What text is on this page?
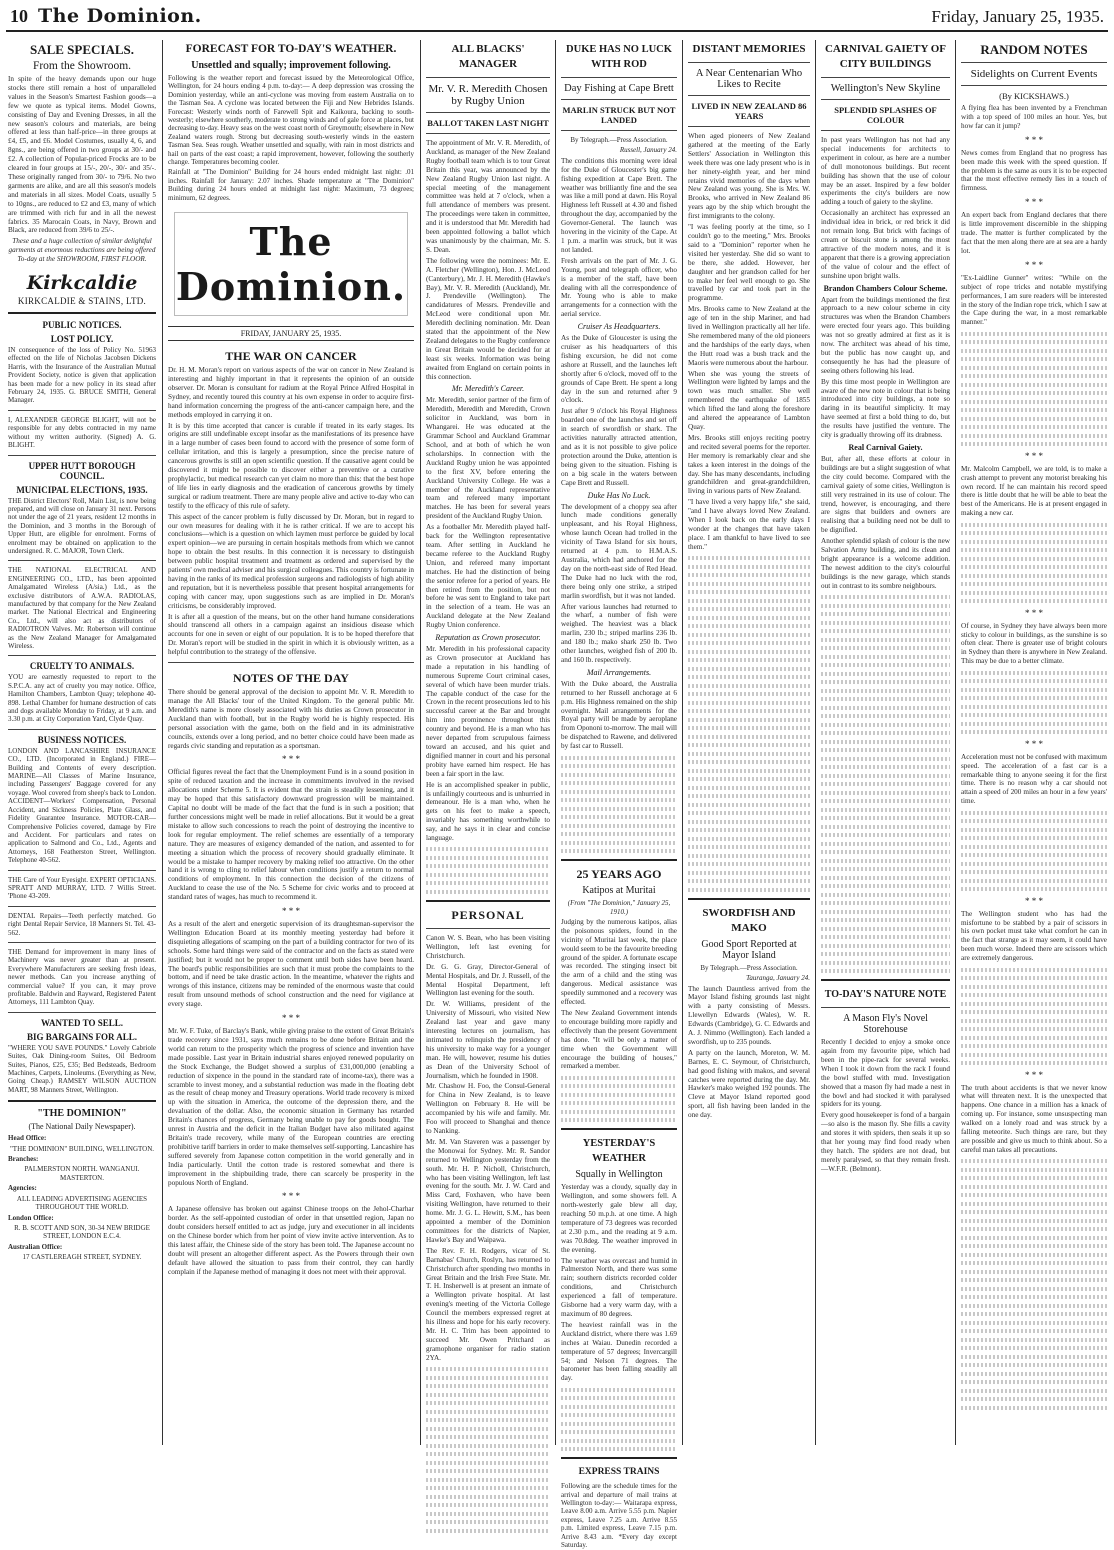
10 The Dominion.	Friday, January 25, 1935.
SALE SPECIALS.
From the Showroom.
In spite of the heavy demands upon our huge stocks there still remain a host of unparalleled values in the Season's Smartest Fashion goods—a few we quote as typical items. Model Gowns, consisting of Day and Evening Dresses, in all the new season's colours and materials, are being offered at less than half-price—in three groups at £4, £5, and £6. Model Costumes, usually 4, 6, and 8gns., are being offered in two groups at 30/- and £2. A collection of Popular-priced Frocks are to be cleared in four groups at 15/-, 20/-, 30/- and 35/-. These originally ranged from 30/- to 79/6. No two garments are alike, and are all this season's models and materials in all sizes. Model Coats, usually 5 to 10gns., are reduced to £2 and £3, many of which are trimmed with rich fur and in all the newest fabrics. 35 Marocain Coats, in Navy, Brown and Black, are reduced from 39/6 to 25/-.
These and a huge collection of similar delightful garments at enormous reductions are being offered To-day at the SHOWROOM, FIRST FLOOR.
Kirkcaldie
KIRKCALDIE & STAINS, LTD.
PUBLIC NOTICES.
LOST POLICY.
IN consequence of the loss of Policy No. 51963 effected on the life of Nicholas Jacobsen Dickens Harris, with the Insurance of the Australian Mutual Provident Society, notice is given that application has been made for a new policy in its stead after February 24, 1935. G. BRUCE SMITH, General Manager.
I, ALEXANDER GEORGE BLIGHT, will not be responsible for any debts contracted in my name without my written authority. (Signed) A. G. BLIGHT.
UPPER HUTT BOROUGH COUNCIL.
MUNICIPAL ELECTIONS, 1935.
THE District Electors' Roll, Main List, is now being prepared, and will close on January 31 next. Persons not under the age of 21 years, resident 12 months in the Dominion, and 3 months in the Borough of Upper Hutt, are eligible for enrolment. Forms of enrolment may be obtained on application to the undersigned. R. C. MAJOR, Town Clerk.
THE NATIONAL ELECTRICAL AND ENGINEERING CO., LTD., has been appointed Amalgamated Wireless (A/sia.) Ltd., as the exclusive distributors of A.W.A. RADIOLAS, manufactured by that company for the New Zealand market. The National Electrical and Engineering Co., Ltd., will also act as distributors of RADIOTRON Valves. Mr. Robertson will continue as the New Zealand Manager for Amalgamated Wireless.
CRUELTY TO ANIMALS.
YOU are earnestly requested to report to the S.P.C.A. any act of cruelty you may notice. Office, Hamilton Chambers, Lambton Quay; telephone 40-898. Lethal Chamber for humane destruction of cats and dogs available Monday to Friday, at 9 a.m. and 3.30 p.m. at City Corporation Yard, Clyde Quay.
BUSINESS NOTICES.
LONDON AND LANCASHIRE INSURANCE CO., LTD. (Incorporated in England.) FIRE—Building and Contents of every description. MARINE—All Classes of Marine Insurance, including Passengers' Baggage covered for any voyage. Wool covered from sheep's back to London. ACCIDENT—Workers' Compensation, Personal Accident, and Sickness Policies, Plate Glass, and Fidelity Guarantee Insurance. MOTOR-CAR—Comprehensive Policies covered, damage by Fire and Accident. For particulars and rates on application to Salmond and Co., Ltd., Agents and Attorneys, 168 Featherston Street, Wellington. Telephone 40-562.
THE Care of Your Eyesight. EXPERT OPTICIANS. SPRATT AND MURRAY, LTD. 7 Willis Street. 'Phone 43-209.
DENTAL Repairs—Teeth perfectly matched. Go right Dental Repair Service, 18 Manners St. Tel. 43-562.
THE Demand for improvement in many lines of Machinery was never greater than at present. Everywhere Manufacturers are seeking fresh ideas, newer methods. Can you increase anything of commercial value? If you can, it may prove profitable. Baldwin and Rayward, Registered Patent Attorneys, 111 Lambton Quay.
WANTED TO SELL.
BIG BARGAINS FOR ALL.
"WHERE YOU SAVE POUNDS." Lovely Cabriole Suites, Oak Dining-room Suites, Oil Bedroom Suites, Pianos, £25, £35; Bed Bedsteads, Bedroom Machines, Carpets, Linoleums. (Everything as New, Going Cheap.) RAMSEY WILSON AUCTION MART, 98 Manners Street, Wellington.
"THE DOMINION"
(The National Daily Newspaper).
Head Office:
"THE DOMINION" BUILDING, WELLINGTON.
Branches:
PALMERSTON NORTH. WANGANUI. MASTERTON.
Agencies:
ALL LEADING ADVERTISING AGENCIES THROUGHOUT THE WORLD.
London Office:
R. B. SCOTT AND SON, 30-34 NEW BRIDGE STREET, LONDON E.C.4.
Australian Office:
17 CASTLEREAGH STREET, SYDNEY.
FORECAST FOR TO-DAY'S WEATHER.
Unsettled and squally; improvement following.
Following is the weather report and forecast issued by the Meteorological Office, Wellington, for 24 hours ending 4 p.m. to-day:— A deep depression was crossing the Dominion yesterday, while an anti-cyclone was moving from eastern Australia on to the Tasman Sea. A cyclone was located between the Fiji and New Hebrides Islands. Forecast: Westerly winds north of Farewell Spit and Kaikoura, backing to south-westerly; elsewhere southerly, moderate to strong winds and of gale force at places, but decreasing to-day. Heavy seas on the west coast north of Greymouth; elsewhere in New Zealand waters rough. Strong but decreasing south-westerly winds in the eastern Tasman Sea. Seas rough. Weather unsettled and squally, with rain in most districts and hail on parts of the east coast; a rapid improvement, however, following the southerly change. Temperatures becoming cooler.
Rainfall at "The Dominion" Building for 24 hours ended midnight last night: .01 inches. Rainfall for January: 2.07 inches. Shade temperature at "The Dominion" Building during 24 hours ended at midnight last night: Maximum, 73 degrees; minimum, 62 degrees.
The Dominion.
FRIDAY, JANUARY 25, 1935.
THE WAR ON CANCER
Dr. H. M. Moran's report on various aspects of the war on cancer in New Zealand is interesting and highly important in that it represents the opinion of an outside observer. Dr. Moran is consultant for radium at the Royal Prince Alfred Hospital in Sydney, and recently toured this country at his own expense in order to acquire first-hand information concerning the progress of the anti-cancer campaign here, and the methods employed in carrying it on.
It is by this time accepted that cancer is curable if treated in its early stages. Its origins are still undefinable except insofar as the manifestations of its presence have in a large number of cases been found to accord with the presence of some form of cellular irritation, and this is largely a presumption, since the precise nature of cancerous growths is still an open scientific question. If the causative agent could be discovered it might be possible to discover either a preventive or a curative prophylactic, but medical research can yet claim no more than this: that the best hope of life lies in early diagnosis and the eradication of cancerous growths by timely surgical or radium treatment. There are many people alive and active to-day who can testify to the efficacy of this rule of safety.
This aspect of the cancer problem is fully discussed by Dr. Moran, but in regard to our own measures for dealing with it he is rather critical. If we are to accept his conclusions—which is a question on which laymen must perforce be guided by local expert opinion—we are pursuing in certain hospitals methods from which we cannot hope to obtain the best results. In this connection it is necessary to distinguish between public hospital treatment and treatment as ordered and supervised by the patients' own medical adviser and his surgical colleagues. This country is fortunate in having in the ranks of its medical profession surgeons and radiologists of high ability and reputation, but it is nevertheless possible that present hospital arrangements for coping with cancer may, upon suggestions such as are implied in Dr. Moran's criticisms, be considerably improved.
It is after all a question of the means, but on the other hand humane considerations should transcend all others in a campaign against an insidious disease which accounts for one in seven or eight of our population. It is to be hoped therefore that Dr. Moran's report will be studied in the spirit in which it is obviously written, as a helpful contribution to the strategy of the offensive.
NOTES OF THE DAY
There should be general approval of the decision to appoint Mr. V. R. Meredith to manage the All Blacks' tour of the United Kingdom. To the general public Mr. Meredith's name is more closely associated with his duties as Crown prosecutor in Auckland than with football, but in the Rugby world he is highly respected. His personal association with the game, both on the field and in its administrative councils, extends over a long period, and no better choice could have been made as regards civic standing and reputation as a sportsman.
* * *
Official figures reveal the fact that the Unemployment Fund is in a sound position in spite of reduced taxation and the increase in commitments involved in the revised allocations under Scheme 5. It is evident that the strain is steadily lessening, and it may be hoped that this satisfactory downward progression will be maintained. Capital no doubt will be made of the fact that the fund is in such a position; that further concessions might well be made in relief allocations. But it would be a great mistake to allow such concessions to reach the point of destroying the incentive to look for regular employment. The relief schemes are essentially of a temporary nature. They are measures of exigency demanded of the nation, and assented to for meeting a situation which the process of recovery should gradually eliminate. It would be a mistake to hamper recovery by making relief too attractive. On the other hand it is wrong to cling to relief labour when conditions justify a return to normal conditions of employment. In this connection the decision of the citizens of Auckland to cease the use of the No. 5 Scheme for civic works and to proceed at standard rates of wages, has much to recommend it.
* * *
As a result of the alert and energetic supervision of its draughtsman-supervisor the Wellington Education Board at its monthly meeting yesterday had before it disquieting allegations of scamping on the part of a building contractor for two of its schools. Some hard things were said of the contractor and on the facts as stated were justified; but it would not be proper to comment until both sides have been heard. The board's public responsibilities are such that it must probe the complaints to the bottom, and if need be take drastic action. In the meantime, whatever the rights and wrongs of this instance, citizens may be reminded of the enormous waste that could result from unsound methods of school construction and the need for vigilance at every stage.
* * *
Mr. W. F. Tuke, of Barclay's Bank, while giving praise to the extent of Great Britain's trade recovery since 1931, says much remains to be done before Britain and the world can return to the prosperity which the progress of science and invention have made possible. Last year in Britain industrial shares enjoyed renewed popularity on the Stock Exchange, the Budget showed a surplus of £31,000,000 (enabling a reduction of sixpence in the pound in the standard rate of income-tax), there was a scramble to invest money, and a substantial reduction was made in the floating debt as the result of cheap money and Treasury operations. World trade recovery is mixed up with the situation in America, the outcome of the depression there, and the devaluation of the dollar. Also, the economic situation in Germany has retarded Britain's chances of progress, Germany being unable to pay for goods bought. The unrest in Austria and the deficit in the Italian Budget have also militated against Britain's trade recovery, while many of the European countries are erecting prohibitive tariff barriers in order to make themselves self-supporting. Lancashire has suffered severely from Japanese cotton competition in the world generally and in India particularly. Until the cotton trade is restored somewhat and there is improvement in the shipbuilding trade, there can scarcely be prosperity in the populous North of England.
* * *
A Japanese offensive has broken out against Chinese troops on the Jehol-Charhar border. As the self-appointed custodian of order in that unsettled region, Japan no doubt considers herself entitled to act as judge, jury and executioner in all incidents on the Chinese border which from her point of view invite active intervention. As to this latest affair, the Chinese side of the story has been told. The Japanese account no doubt will present an altogether different aspect. As the Powers through their own default have allowed the situation to pass from their control, they can hardly complain if the Japanese method of managing it does not meet with their approval.
ALL BLACKS' MANAGER
Mr. V. R. Meredith Chosen by Rugby Union
BALLOT TAKEN LAST NIGHT
The appointment of Mr. V. R. Meredith, of Auckland, as manager of the New Zealand Rugby football team which is to tour Great Britain this year, was announced by the New Zealand Rugby Union last night. A special meeting of the management committee was held at 7 o'clock, when a full attendance of members was present. The proceedings were taken in committee, and it is understood that Mr. Meredith had been appointed following a ballot which was unanimously by the chairman, Mr. S. S. Dean.
The following were the nominees: Mr. E. A. Fletcher (Wellington), Hon. J. McLeod (Canterbury), Mr. J. H. Meredith (Hawke's Bay), Mr. V. R. Meredith (Auckland), Mr. J. Prendeville (Wellington). The candidatures of Messrs. Prendeville and McLeod were conditional upon Mr. Meredith declining nomination. Mr. Dean stated that the appointment of the New Zealand delegates to the Rugby conference in Great Britain would be decided for at least six weeks. Information was being awaited from England on certain points in this connection.
Mr. Meredith's Career.
Mr. Meredith, senior partner of the firm of Meredith, Meredith and Meredith, Crown solicitor in Auckland, was born in Whangarei. He was educated at the Grammar School and Auckland Grammar School, and at both of which he won scholarships. In connection with the Auckland Rugby union he was appointed to the first XV, before entering the Auckland University College. He was a member of the Auckland representative team and refereed many important matches. He has been for several years president of the Auckland Rugby Union.
As a footballer Mr. Meredith played half-back for the Wellington representative team. After settling in Auckland he became referee to the Auckland Rugby Union, and refereed many important matches. He had the distinction of being the senior referee for a period of years. He then retired from the position, but not before he was sent to England to take part in the selection of a team. He was an Auckland delegate at the New Zealand Rugby Union conference.
Reputation as Crown prosecutor.
Mr. Meredith in his professional capacity as Crown prosecutor at Auckland has made a reputation in his handling of numerous Supreme Court criminal cases, several of which have been murder trials. The capable conduct of the case for the Crown in the recent prosecutions led to his successful career at the Bar and brought him into prominence throughout this country and beyond. He is a man who has never departed from scrupulous fairness toward an accused, and his quiet and dignified manner in court and his personal probity have earned him respect. He has been a fair sport in the law.
He is an accomplished speaker in public, is unfailingly courteous and is unhurried in demeanour. He is a man who, when he gets on his feet to make a speech, invariably has something worthwhile to say, and he says it in clear and concise language.
PERSONAL
Canon W. S. Bean, who has been visiting Wellington, left last evening for Christchurch.
Dr. G. G. Gray, Director-General of Mental Hospitals, and Dr. J. Russell, of the Mental Hospital Department, left Wellington last evening for the south.
Dr. W. Williams, president of the University of Missouri, who visited New Zealand last year and gave many interesting lectures on journalism, has intimated to relinquish the presidency of his university to make way for a younger man. He will, however, resume his duties as Dean of the University School of Journalism, which he founded in 1908.
Mr. Chashow H. Foo, the Consul-General for China in New Zealand, is to leave Wellington on February 8. He will be accompanied by his wife and family. Mr. Foo will proceed to Shanghai and thence to Nanking.
Mr. M. Van Staveren was a passenger by the Monowai for Sydney. Mr. R. Sandor returned to Wellington yesterday from the south. Mr. H. P. Nicholl, Christchurch, who has been visiting Wellington, left last evening for the south. Mr. J. W. Card and Miss Card, Foxhaven, who have been visiting Wellington, have returned to their home. Mr. J. G. L. Hewitt, S.M., has been appointed a member of the Dominion committees for the districts of Napier, Hawke's Bay and Waipawa.
The Rev. F. H. Rodgers, vicar of St. Barnabas' Church, Roslyn, has returned to Christchurch after spending two months in Great Britain and the Irish Free State. Mr. T. H. Insherwell is at present an inmate of a Wellington private hospital. At last evening's meeting of the Victoria College Council the members expressed regret at his illness and hope for his early recovery. Mr. H. C. Trim has been appointed to succeed Mr. Owen Pritchard as gramophone organiser for radio station 2YA.
DUKE HAS NO LUCK WITH ROD
Day Fishing at Cape Brett
MARLIN STRUCK BUT NOT LANDED
By Telegraph.—Press Association.
Russell, January 24.
The conditions this morning were ideal for the Duke of Gloucester's big game fishing expedition at Cape Brett. The weather was brilliantly fine and the sea was like a mill pond at dawn. His Royal Highness left Russell at 4.30 and fished throughout the day, accompanied by the Governor-General. The launch was hovering in the vicinity of the Cape. At 1 p.m. a marlin was struck, but it was not landed.
Fresh arrivals on the part of Mr. J. G. Young, post and telegraph officer, who is a member of the staff, have been dealing with all the correspondence of Mr. Young who is able to make arrangements for a connection with the aerial service.
Cruiser As Headquarters.
As the Duke of Gloucester is using the cruiser as his headquarters of this fishing excursion, he did not come ashore at Russell, and the launches left shortly after 6 o'clock, moved off to the grounds of Cape Brett. He spent a long day in the sun and returned after 9 o'clock.
Just after 9 o'clock his Royal Highness boarded one of the launches and set off in search of swordfish or shark. The activities naturally attracted attention, and as it is not possible to give police protection around the Duke, attention is being given to the situation. Fishing is on a big scale in the waters between Cape Brett and Russell.
Duke Has No Luck.
The development of a choppy sea after lunch made conditions generally unpleasant, and his Royal Highness, whose launch Ocean had trolled in the vicinity of Tawa Island for six hours, returned at 4 p.m. to H.M.A.S. Australia, which had anchored for the day on the north-east side of Red Head. The Duke had no luck with the rod, there being only one strike, a striped marlin swordfish, but it was not landed.
After various launches had returned to the wharf, a number of fish were weighed. The heaviest was a black marlin, 230 lb.; striped marlins 236 lb. and 180 lb.; mako shark 250 lb. Two other launches, weighed fish of 200 lb. and 160 lb. respectively.
Mail Arrangements.
With the Duke aboard, the Australia returned to her Russell anchorage at 6 p.m. His Highness remained on the ship overnight. Mail arrangements for the Royal party will be made by aeroplane from Opononi to-morrow. The mail will be dispatched to Rawene, and delivered by fast car to Russell.
25 YEARS AGO
Katipos at Muritai
(From "The Dominion," January 25, 1910.)
Judging by the numerous katipos, alias the poisonous spiders, found in the vicinity of Muritai last week, the place would seem to be the favourite breeding ground of the spider. A fortunate escape was recorded. The stinging insect bit the arm of a child and the sting was dangerous. Medical assistance was speedily summoned and a recovery was effected.
The New Zealand Government intends to encourage building more rapidly and effectively than the present Government has done. "It will be only a matter of time when the Government will encourage the building of houses," remarked a member.
YESTERDAY'S WEATHER
Squally in Wellington
Yesterday was a cloudy, squally day in Wellington, and some showers fell. A north-westerly gale blew all day, reaching 50 m.p.h. at one time. A high temperature of 73 degrees was recorded at 2.30 p.m., and the reading at 9 a.m. was 70.8deg. The weather improved in the evening.
The weather was overcast and humid in Palmerston North, and there was some rain; southern districts recorded colder conditions, and Christchurch experienced a fall of temperature. Gisborne had a very warm day, with a maximum of 80 degrees.
The heaviest rainfall was in the Auckland district, where there was 1.69 inches at Waiau. Dunedin recorded a temperature of 57 degrees; Invercargill 54; and Nelson 71 degrees. The barometer has been falling steadily all day.
EXPRESS TRAINS
Following are the schedule times for the arrival and departure of mail trains at Wellington to-day:— Waitarapa express, Leave 8.00 a.m. Arrive 5.55 p.m. Napier express, Leave 7.25 a.m. Arrive 8.55 p.m. Limited express, Leave 7.15 p.m. Arrive 8.43 a.m. *Every day except Saturday.
DISTANT MEMORIES
A Near Centenarian Who Likes to Recite
LIVED IN NEW ZEALAND 86 YEARS
When aged pioneers of New Zealand gathered at the meeting of the Early Settlers' Association in Wellington this week there was one lady present who is in her ninety-eighth year, and her mind retains vivid memories of the days when New Zealand was young. She is Mrs. W. Brooks, who arrived in New Zealand 86 years ago by the ship which brought the first immigrants to the colony.
"I was feeling poorly at the time, so I couldn't go to the meeting," Mrs. Brooks said to a "Dominion" reporter when he visited her yesterday. She did so want to be there, she added. However, her daughter and her grandson called for her to make her feel well enough to go. She travelled by car and took part in the programme.
Mrs. Brooks came to New Zealand at the age of ten in the ship Mariner, and had lived in Wellington practically all her life. She remembered many of the old pioneers and the hardships of the early days, when the Hutt road was a bush track and the Maoris were numerous about the harbour.
When she was young the streets of Wellington were lighted by lamps and the town was much smaller. She well remembered the earthquake of 1855 which lifted the land along the foreshore and altered the appearance of Lambton Quay.
Mrs. Brooks still enjoys reciting poetry and recited several poems for the reporter. Her memory is remarkably clear and she takes a keen interest in the doings of the day. She has many descendants, including grandchildren and great-grandchildren, living in various parts of New Zealand.
"I have lived a very happy life," she said, "and I have always loved New Zealand. When I look back on the early days I wonder at the changes that have taken place. I am thankful to have lived to see them."
SWORDFISH AND MAKO
Good Sport Reported at Mayor Island
By Telegraph.—Press Association.
Tauranga, January 24.
The launch Dauntless arrived from the Mayor Island fishing grounds last night with a party consisting of Messrs. Llewellyn Edwards (Wales), W. R. Edwards (Cambridge), G. C. Edwards and A. J. Nimmo (Wellington). Each landed a swordfish, up to 235 pounds.
A party on the launch, Moreton, W. M. Barnes, E. C. Seymour, of Christchurch, had good fishing with makos, and several catches were reported during the day. Mr. Hawker's mako weighed 192 pounds. The Cleve at Mayor Island reported good sport, all fish having been landed in the one day.
CARNIVAL GAIETY OF CITY BUILDINGS
Wellington's New Skyline
SPLENDID SPLASHES OF COLOUR
In past years Wellington has not had any special inducements for architects to experiment in colour, as here are a number of dull monotonous buildings. But recent building has shown that the use of colour may be an asset. Inspired by a few bolder experiments the city's builders are now adding a touch of gaiety to the skyline.
Occasionally an architect has expressed an individual idea in brick, or red brick it did not remain long. But brick with facings of cream or biscuit stone is among the most attractive of the modern notes, and it is apparent that there is a growing appreciation of the value of colour and the effect of sunshine upon bright walls.
Brandon Chambers Colour Scheme.
Apart from the buildings mentioned the first approach to a new colour scheme in city structures was when the Brandon Chambers were erected four years ago. This building was not so greatly admired at first as it is now. The architect was ahead of his time, but the public has now caught up, and consequently he has had the pleasure of seeing others following his lead.
By this time most people in Wellington are aware of the new note in colour that is being introduced into city buildings, a note so daring in its beautiful simplicity. It may have seemed at first a bold thing to do, but the results have justified the venture. The city is gradually throwing off its drabness.
Real Carnival Gaiety.
But, after all, these efforts at colour in buildings are but a slight suggestion of what the city could become. Compared with the carnival gaiety of some cities, Wellington is still very restrained in its use of colour. The trend, however, is encouraging, and there are signs that builders and owners are realising that a building need not be dull to be dignified.
Another splendid splash of colour is the new Salvation Army building, and its clean and bright appearance is a welcome addition. The newest addition to the city's colourful buildings is the new garage, which stands out in contrast to its sombre neighbours.
TO-DAY'S NATURE NOTE
A Mason Fly's Novel Storehouse
Recently I decided to enjoy a smoke once again from my favourite pipe, which had been in the pipe-rack for several weeks. When I took it down from the rack I found the bowl stuffed with mud. Investigation showed that a mason fly had made a nest in the bowl and had stocked it with paralysed spiders for its young.
Every good housekeeper is fond of a bargain—so also is the mason fly. She fills a cavity and stores it with spiders, then seals it up so that her young may find food ready when they hatch. The spiders are not dead, but merely paralysed, so that they remain fresh. —W.F.R. (Belmont).
RANDOM NOTES
Sidelights on Current Events
(By KICKSHAWS.)
A flying flea has been invented by a Frenchman with a top speed of 100 miles an hour. Yes, but how far can it jump?
* * *
News comes from England that no progress has been made this week with the speed question. If the problem is the same as ours it is to be expected that the most effective remedy lies in a touch of firmness.
* * *
An expert back from England declares that there is little improvement discernible in the shipping trade. The matter is further complicated by the fact that the men along there are at sea are a hardy lot.
* * *
"Ex-Laidline Gunner" writes: "While on the subject of rope tricks and notable mystifying performances, I am sure readers will be interested in the story of the Indian rope trick, which I saw at the Cape during the war, in a most remarkable manner."
* * *
Mr. Malcolm Campbell, we are told, is to make a crash attempt to prevent any motorist breaking his own record. If he can maintain his record speed there is little doubt that he will be able to beat the best of the Americans. He is at present engaged in making a new car.
* * *
Of course, in Sydney they have always been more sticky to colour in buildings, as the sunshine is so often clear. There is greater use of bright colours in Sydney than there is anywhere in New Zealand. This may be due to a better climate.
* * *
Acceleration must not be confused with maximum speed. The acceleration of a fast car is a remarkable thing to anyone seeing it for the first time. There is no reason why a car should not attain a speed of 200 miles an hour in a few years' time.
* * *
The Wellington student who has had the misfortune to be stabbed by a pair of scissors in his own pocket must take what comfort he can in the fact that strange as it may seem, it could have been much worse. Indeed there are scissors which are extremely dangerous.
* * *
The truth about accidents is that we never know what will threaten next. It is the unexpected that happens. One chance in a million has a knack of coming up. For instance, some unsuspecting man walked on a lonely road and was struck by a falling meteorite. Such things are rare, but they are possible and give us much to think about. So a careful man takes all precautions.
